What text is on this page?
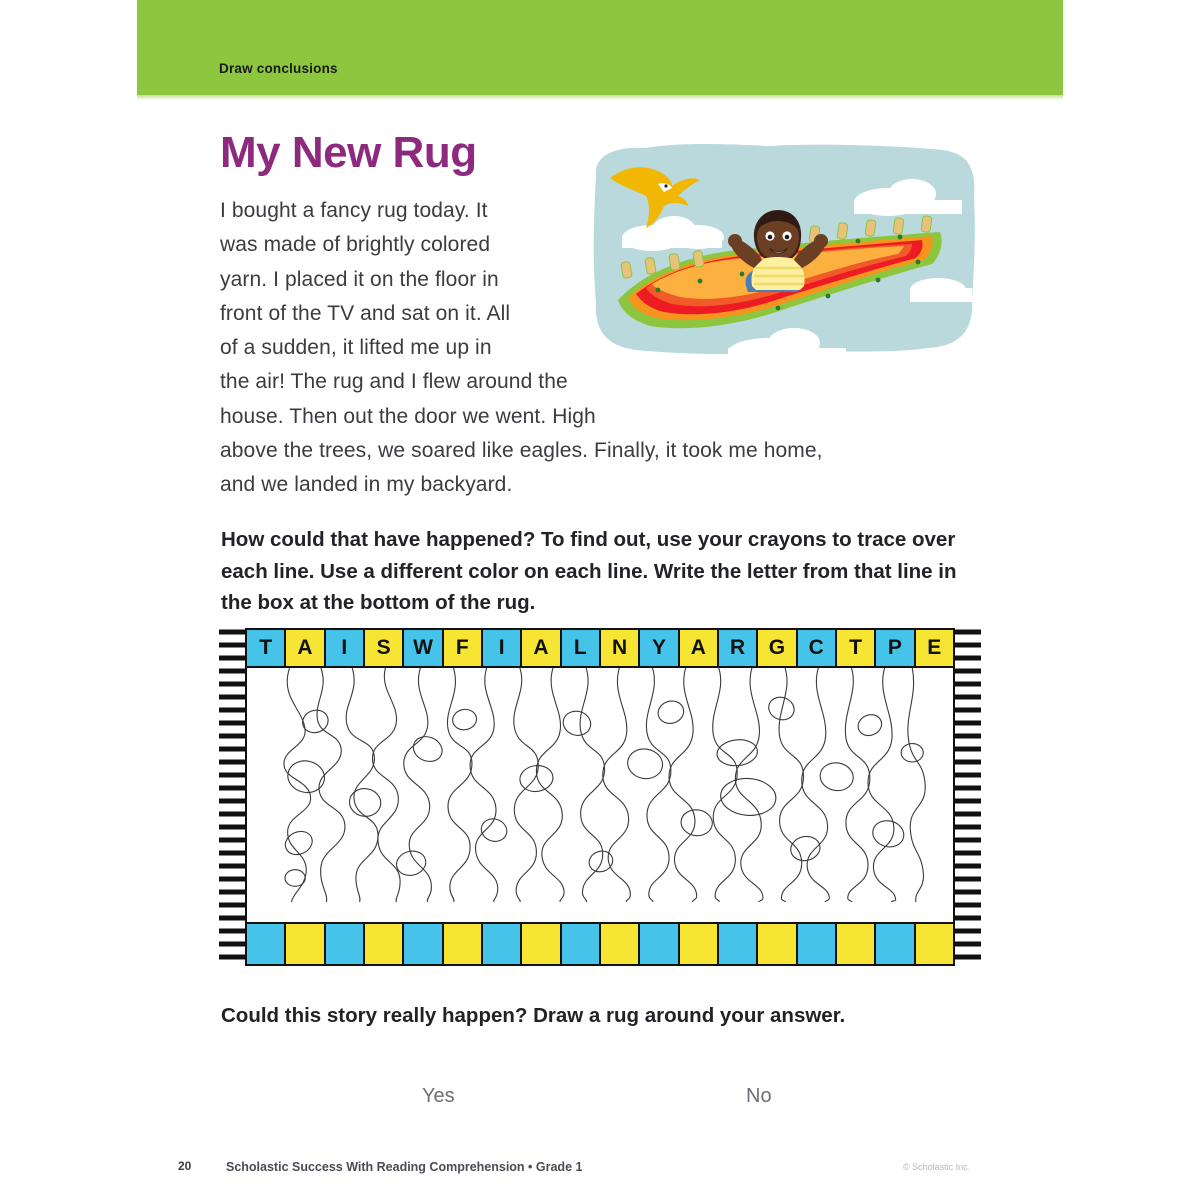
Draw conclusions
My New Rug
I bought a fancy rug today. It
was made of brightly colored
yarn. I placed it on the floor in
front of the TV and sat on it. All
of a sudden, it lifted me up in
the air! The rug and I flew around the
house. Then out the door we went. High
above the trees, we soared like eagles. Finally, it took me home,
and we landed in my backyard.
How could that have happened? To find out, use your crayons to trace over each line. Use a different color on each line. Write the letter from that line in the box at the bottom of the rug.
T	A	I	S	W	F	I	A	L	N	Y	A	R	G	C	T	P	E
Could this story really happen? Draw a rug around your answer.
Yes	No
20	Scholastic Success With Reading Comprehension • Grade 1	© Scholastic Inc.
